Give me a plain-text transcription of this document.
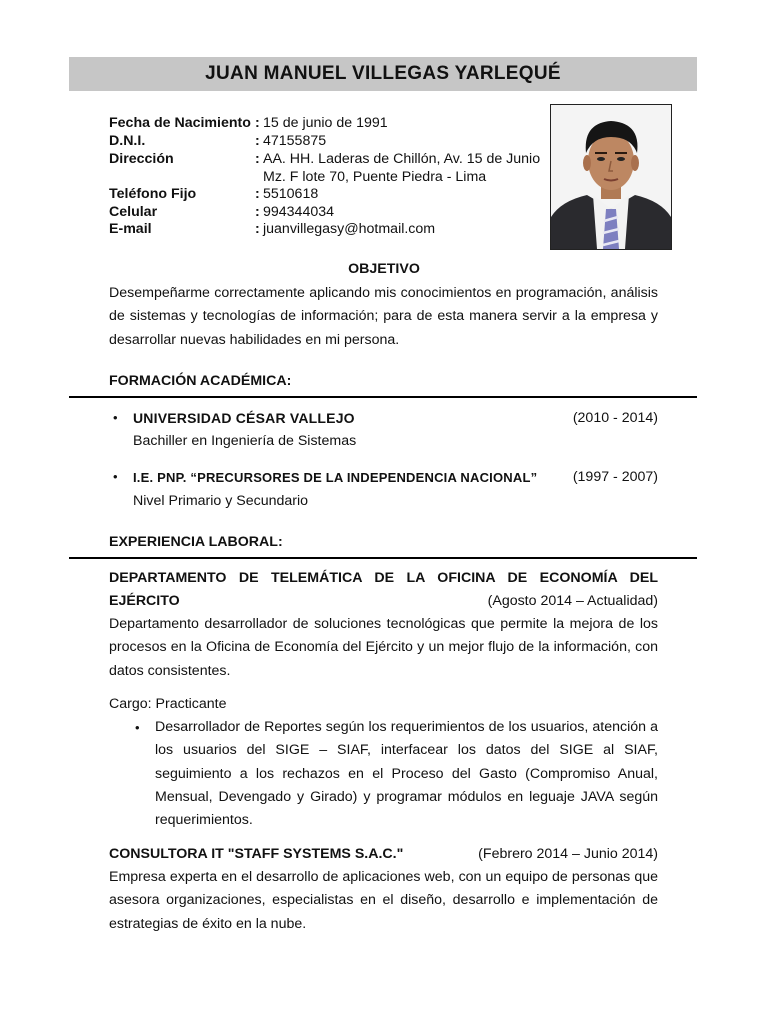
JUAN MANUEL VILLEGAS YARLEQUÉ
Fecha de Nacimiento : 15 de junio de 1991
D.N.I.	: 47155875
Dirección	: AA. HH. Laderas de Chillón, Av. 15 de Junio
Mz. F lote 70, Puente Piedra - Lima
Teléfono Fijo	: 5510618
Celular	: 994344034
E-mail	: juanvillegasy@hotmail.com
OBJETIVO
Desempeñarme correctamente aplicando mis conocimientos en programación, análisis de sistemas y tecnologías de información; para de esta manera servir a la empresa y desarrollar nuevas habilidades en mi persona.
FORMACIÓN ACADÉMICA:
• UNIVERSIDAD CÉSAR VALLEJO	(2010 - 2014)
Bachiller en Ingeniería de Sistemas
• I.E. PNP. “PRECURSORES DE LA INDEPENDENCIA NACIONAL”	(1997 - 2007)
Nivel Primario y Secundario
EXPERIENCIA LABORAL:
DEPARTAMENTO DE TELEMÁTICA DE LA OFICINA DE ECONOMÍA DEL
EJÉRCITO	(Agosto 2014 – Actualidad)
Departamento desarrollador de soluciones tecnológicas que permite la mejora de los procesos en la Oficina de Economía del Ejército y un mejor flujo de la información, con datos consistentes.
Cargo: Practicante
• Desarrollador de Reportes según los requerimientos de los usuarios, atención a los usuarios del SIGE – SIAF, interfacear los datos del SIGE al SIAF, seguimiento a los rechazos en el Proceso del Gasto (Compromiso Anual, Mensual, Devengado y Girado) y programar módulos en leguaje JAVA según requerimientos.
CONSULTORA IT "STAFF SYSTEMS S.A.C."	(Febrero 2014 – Junio 2014)
Empresa experta en el desarrollo de aplicaciones web, con un equipo de personas que asesora organizaciones, especialistas en el diseño, desarrollo e implementación de estrategias de éxito en la nube.
